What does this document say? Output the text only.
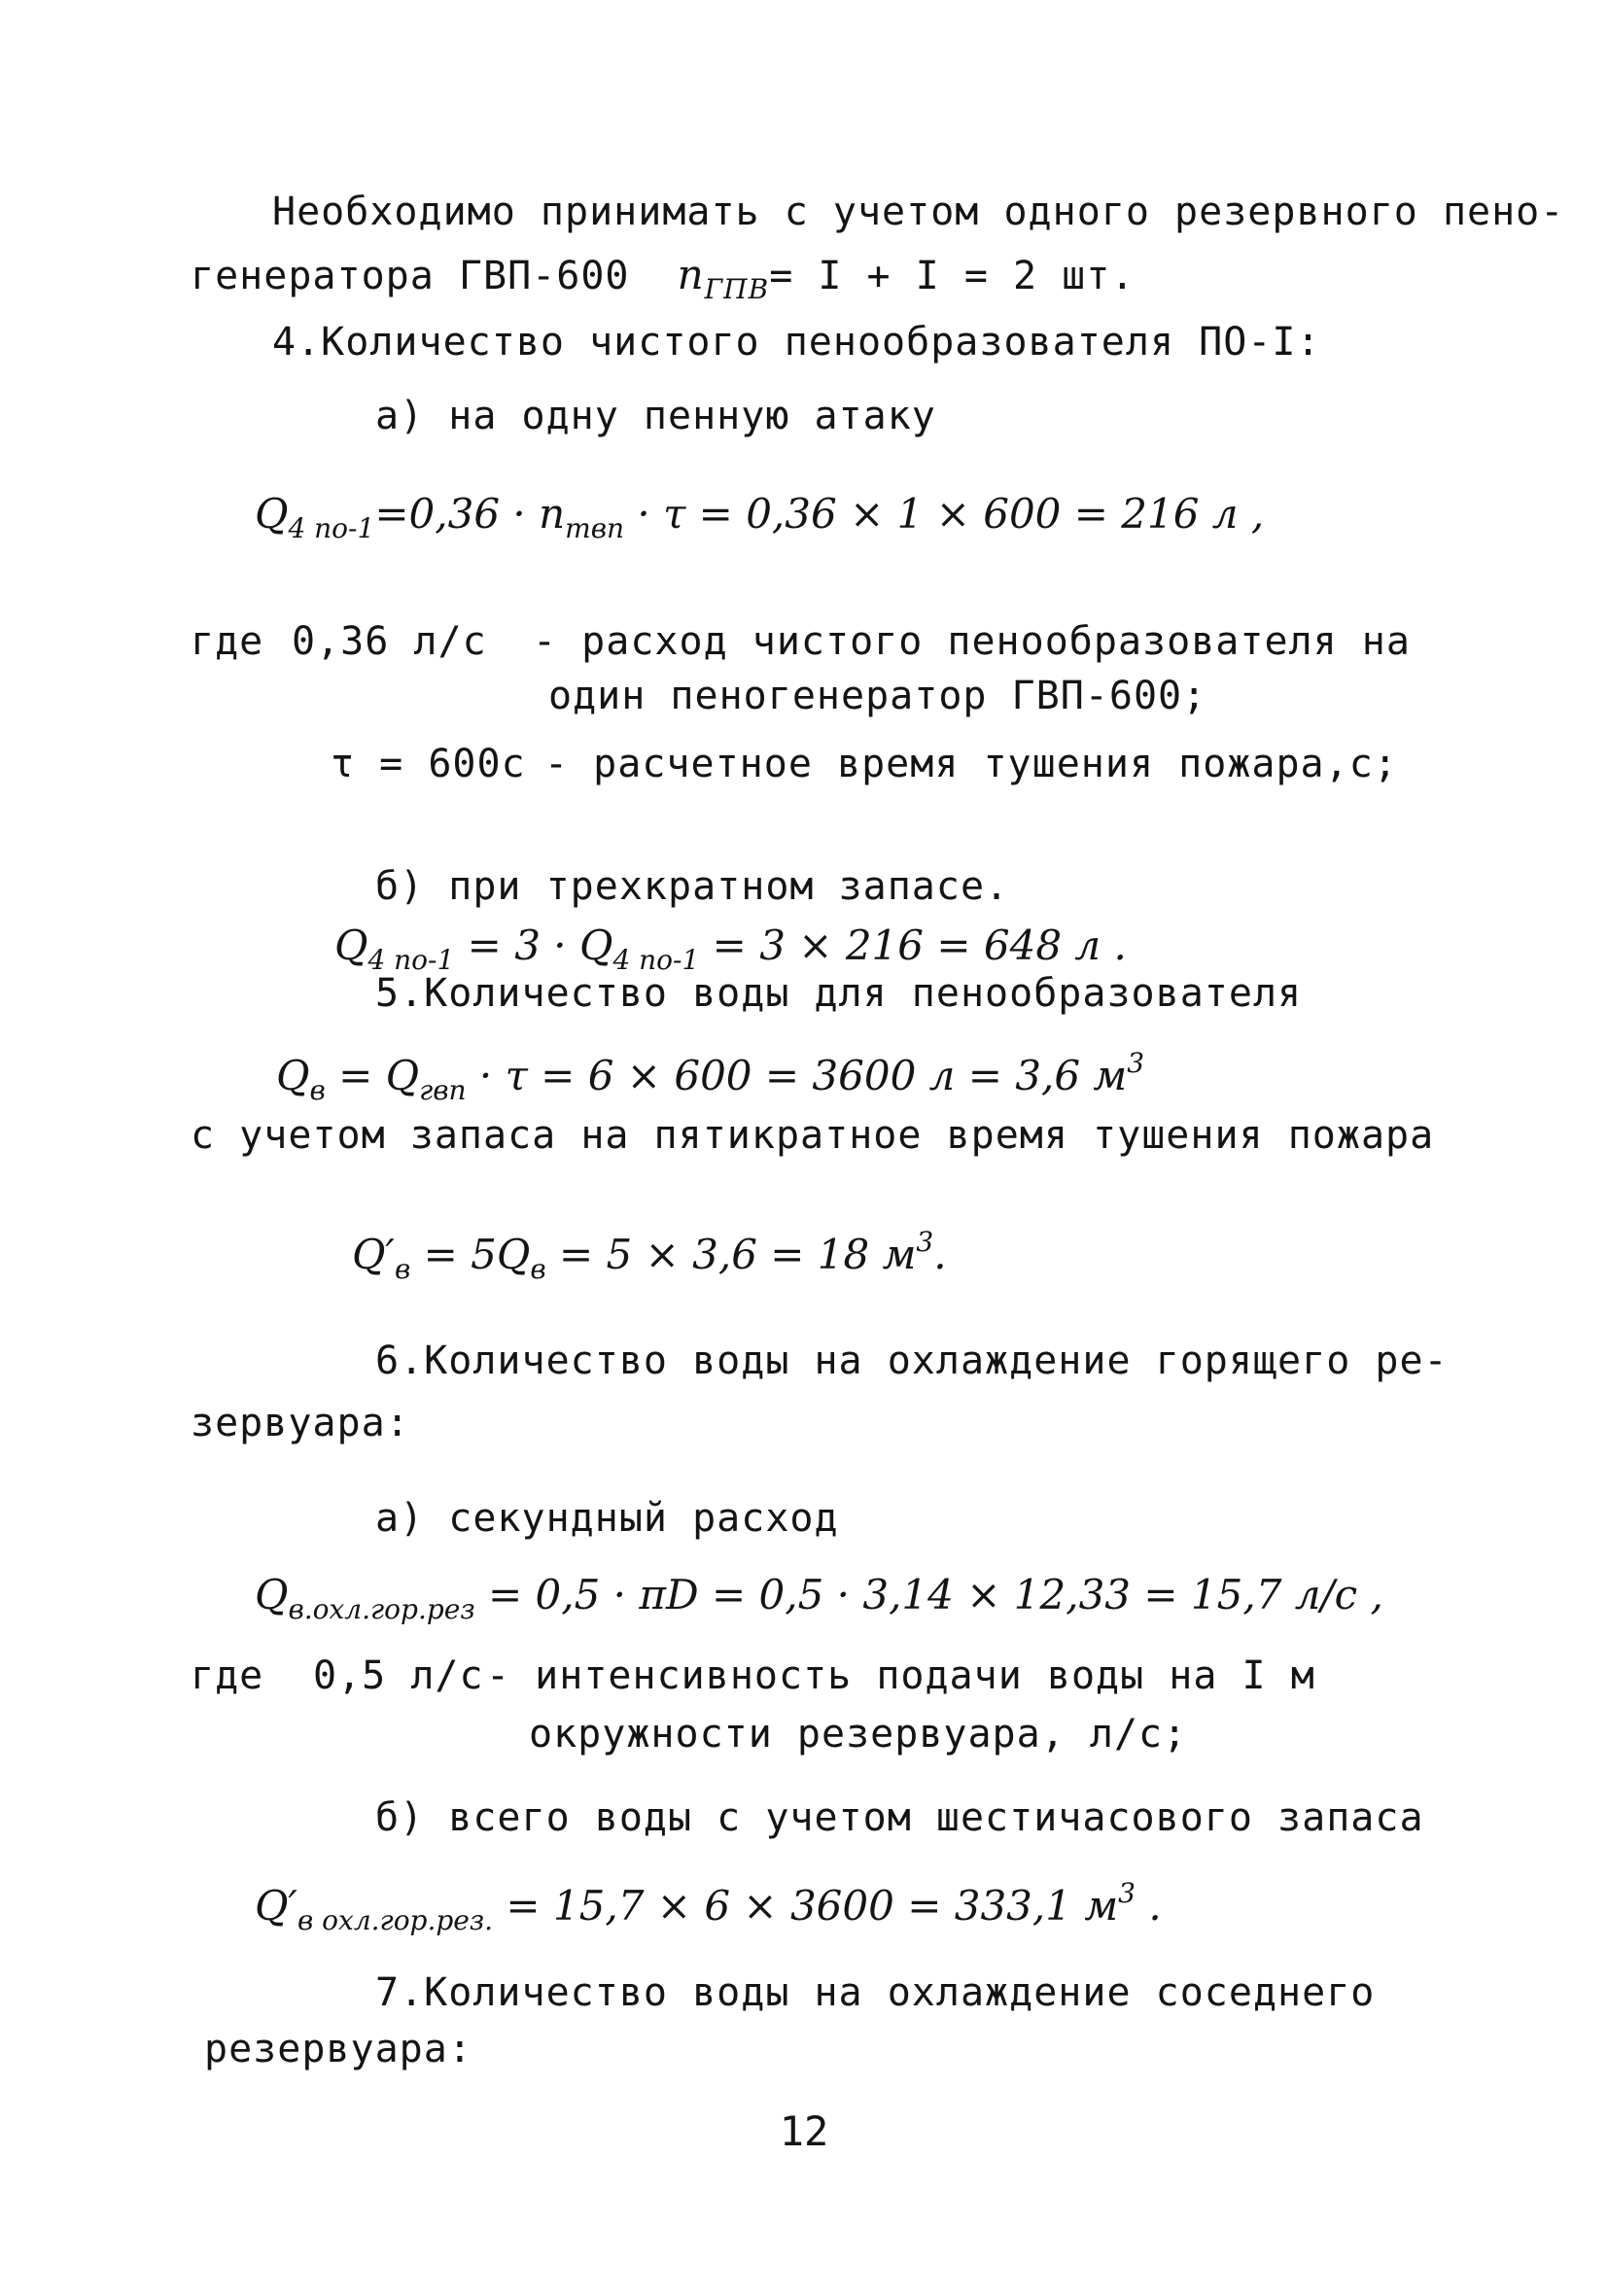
Необходимо принимать с учетом одного резервного пено-
генератора ГВП-600 $n_{ГПВ}= I + I = 2$ шт.
4.Количество чистого пенообразователя ПО-I:
а) на одну пенную атаку
$Q_{4 по-1}=0,36 \cdot n_{твп} \cdot \tau = 0,36 \times 1 \times 600 = 216$ л ,
где 0,36 л/с - расход чистого пенообразователя на
один пеногенератор ГВП-600;
τ = 600с - расчетное время тушения пожара,с;
б) при трехкратном запасе.
$Q_{4 по-1} = 3 \cdot Q_{4 по-1} = 3 \times 216 = 648$ л .
5.Количество воды для пенообразователя
$Q_в = Q_{гвп} \cdot \tau = 6 \times 600 = 3600$ л = 3,6 $м^3$
с учетом запаса на пятикратное время тушения пожара
$Q'_в = 5Q_в = 5 \times 3,6 = 18$ $м^3$.
6.Количество воды на охлаждение горящего ре-
зервуара:
а) секундный расход
$Q_{в.охл.гор.рез} = 0,5 \cdot \pi D = 0,5 \cdot 3,14 \times 12,33 = 15,7$ л/с ,
где 0,5 л/с - интенсивность подачи воды на I м
окружности резервуара, л/с;
б) всего воды с учетом шестичасового запаса
$Q'_{в охл.гор.рез.} = 15,7 \times 6 \times 3600 = 333,1$ $м^3$ .
7.Количество воды на охлаждение соседнего
резервуара:
12
